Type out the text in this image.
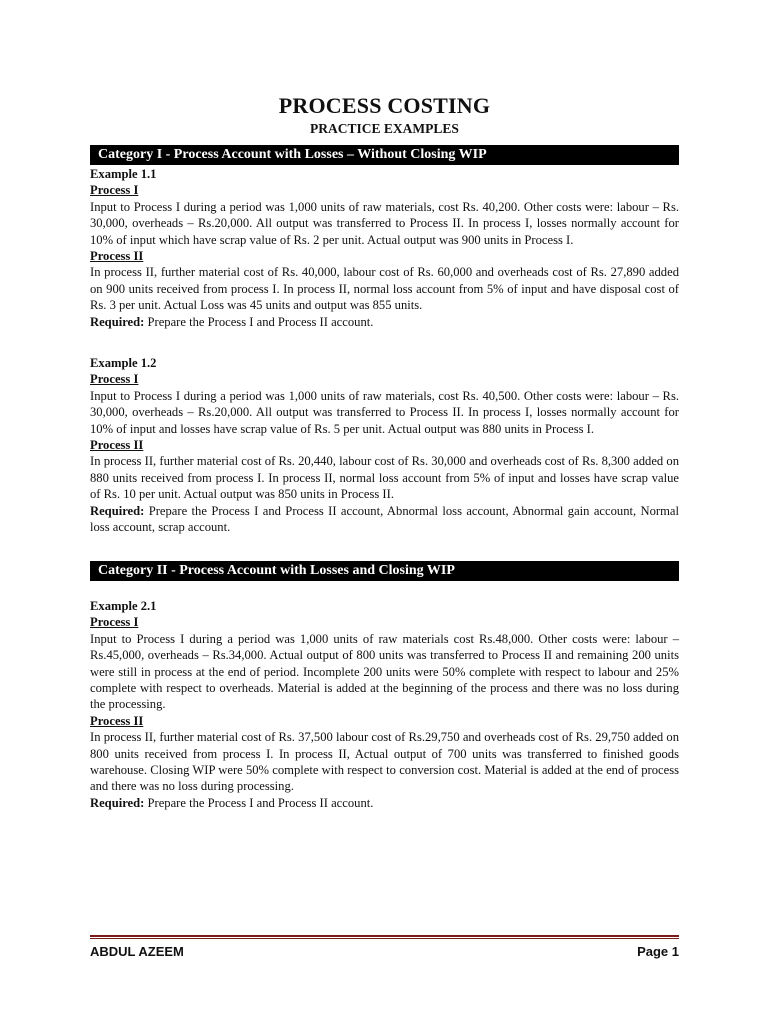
PROCESS COSTING
PRACTICE EXAMPLES
Category I - Process Account with Losses – Without Closing WIP
Example 1.1
Process I

Input to Process I during a period was 1,000 units of raw materials, cost Rs. 40,200. Other costs were: labour – Rs. 30,000, overheads – Rs.20,000. All output was transferred to Process II. In process I, losses normally account for 10% of input which have scrap value of Rs. 2 per unit. Actual output was 900 units in Process I.

Process II

In process II, further material cost of Rs. 40,000, labour cost of Rs. 60,000 and overheads cost of Rs. 27,890 added on 900 units received from process I. In process II, normal loss account from 5% of input and have disposal cost of Rs. 3 per unit. Actual Loss was 45 units and output was 855 units.

Required: Prepare the Process I and Process II account.

Example 1.2
Process I

Input to Process I during a period was 1,000 units of raw materials, cost Rs. 40,500. Other costs were: labour – Rs. 30,000, overheads – Rs.20,000. All output was transferred to Process II. In process I, losses normally account for 10% of input and losses have scrap value of Rs. 5 per unit. Actual output was 880 units in Process I.

Process II

In process II, further material cost of Rs. 20,440, labour cost of Rs. 30,000 and overheads cost of Rs. 8,300 added on 880 units received from process I. In process II, normal loss account from 5% of input and losses have scrap value of Rs. 10 per unit. Actual output was 850 units in Process II.

Required: Prepare the Process I and Process II account, Abnormal loss account, Abnormal gain account, Normal loss account, scrap account.

Category II - Process Account with Losses and Closing WIP
Example 2.1
Process I

Input to Process I during a period was 1,000 units of raw materials cost Rs.48,000. Other costs were: labour – Rs.45,000, overheads – Rs.34,000. Actual output of 800 units was transferred to Process II and remaining 200 units were still in process at the end of period. Incomplete 200 units were 50% complete with respect to labour and 25% complete with respect to overheads. Material is added at the beginning of the process and there was no loss during the processing.

Process II

In process II, further material cost of Rs. 37,500 labour cost of Rs.29,750 and overheads cost of Rs. 29,750 added on 800 units received from process I. In process II, Actual output of 700 units was transferred to finished goods warehouse. Closing WIP were 50% complete with respect to conversion cost. Material is added at the end of process and there was no loss during processing.

Required: Prepare the Process I and Process II account.

ABDUL AZEEM	Page 1
